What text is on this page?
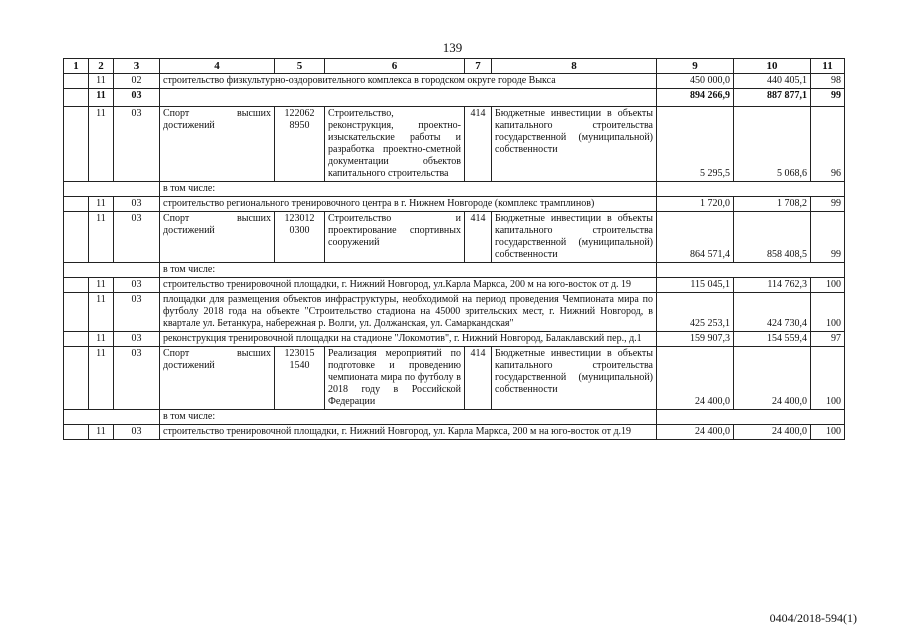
139
1	2	3	4	5	6	7	8	9	10	11
	11	02	строительство физкультурно-оздоровительного комплекса в городском округе городе Выкса					450 000,0	440 405,1	98
	11	03						894 266,9	887 877,1	99
	11	03	Спорт высших достижений	122062 8950	Строительство, реконструкция, проектно-изыскательские работы и разработка проектно-сметной документации объектов капитального строительства	414	Бюджетные инвестиции в объекты капитального строительства государственной (муниципальной) собственности	5 295,5	5 068,6	96
			в том числе:							
	11	03	строительство регионального тренировочного центра в г. Нижнем Новгороде (комплекс трамплинов)					1 720,0	1 708,2	99
	11	03	Спорт высших достижений	123012 0300	Строительство и проектирование спортивных сооружений	414	Бюджетные инвестиции в объекты капитального строительства государственной (муниципальной) собственности	864 571,4	858 408,5	99
			в том числе:							
	11	03	строительство тренировочной площадки, г. Нижний Новгород, ул.Карла Маркса, 200 м на юго-восток от д. 19					115 045,1	114 762,3	100
	11	03	площадки для размещения объектов инфраструктуры, необходимой на период проведения Чемпионата мира по футболу 2018 года на объекте "Строительство стадиона на 45000 зрительских мест, г. Нижний Новгород, в квартале ул. Бетанкура, набережная р. Волги, ул. Должанская, ул. Самаркандская"					425 253,1	424 730,4	100
	11	03	реконструкция тренировочной площадки на стадионе "Локомотив", г. Нижний Новгород, Балаклавский пер., д.1					159 907,3	154 559,4	97
	11	03	Спорт высших достижений	123015 1540	Реализация мероприятий по подготовке и проведению чемпионата мира по футболу в 2018 году в Российской Федерации	414	Бюджетные инвестиции в объекты капитального строительства государственной (муниципальной) собственности	24 400,0	24 400,0	100
			в том числе:							
	11	03	строительство тренировочной площадки, г. Нижний Новгород, ул. Карла Маркса, 200 м на юго-восток от д.19					24 400,0	24 400,0	100
0404/2018-594(1)
